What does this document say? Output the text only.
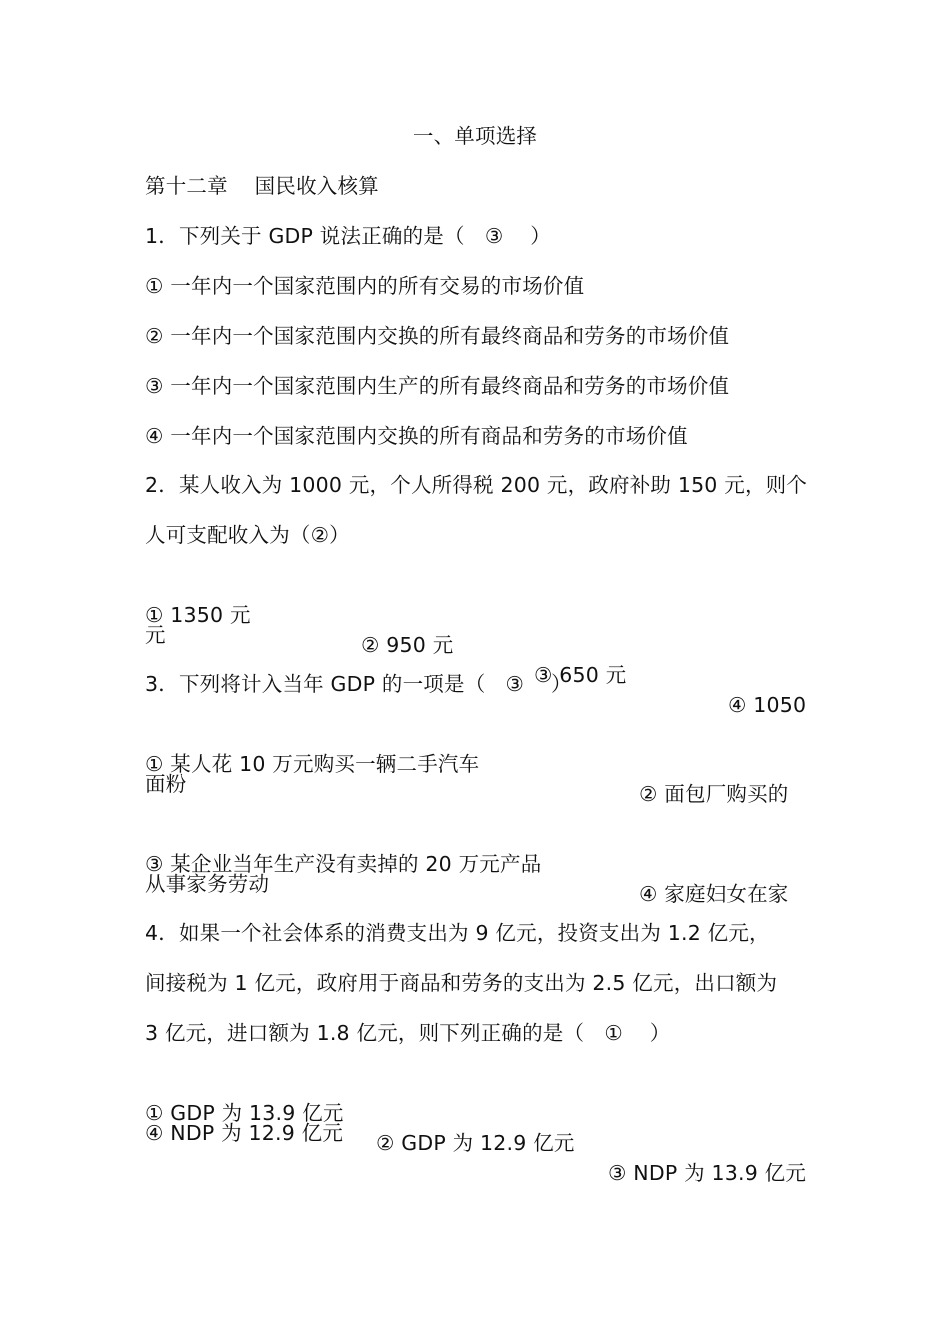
一、单项选择
第十二章    国民收入核算
1．下列关于 GDP 说法正确的是（   ③    ）
① 一年内一个国家范围内的所有交易的市场价值
② 一年内一个国家范围内交换的所有最终商品和劳务的市场价值
③ 一年内一个国家范围内生产的所有最终商品和劳务的市场价值
④ 一年内一个国家范围内交换的所有商品和劳务的市场价值
2．某人收入为 1000 元，个人所得税 200 元，政府补助 150 元，则个
人可支配收入为（②）

① 1350 元

② 950 元

③ 650 元

④ 1050

元
3．下列将计入当年 GDP 的一项是（   ③    ）

① 某人花 10 万元购买一辆二手汽车

② 面包厂购买的

面粉

③ 某企业当年生产没有卖掉的 20 万元产品

④ 家庭妇女在家

从事家务劳动
4．如果一个社会体系的消费支出为 9 亿元，投资支出为 1.2 亿元，
间接税为 1 亿元，政府用于商品和劳务的支出为 2.5 亿元，出口额为
3 亿元，进口额为 1.8 亿元，则下列正确的是（   ①    ）

① GDP 为 13.9 亿元

② GDP 为 12.9 亿元

③ NDP 为 13.9 亿元

④ NDP 为 12.9 亿元
